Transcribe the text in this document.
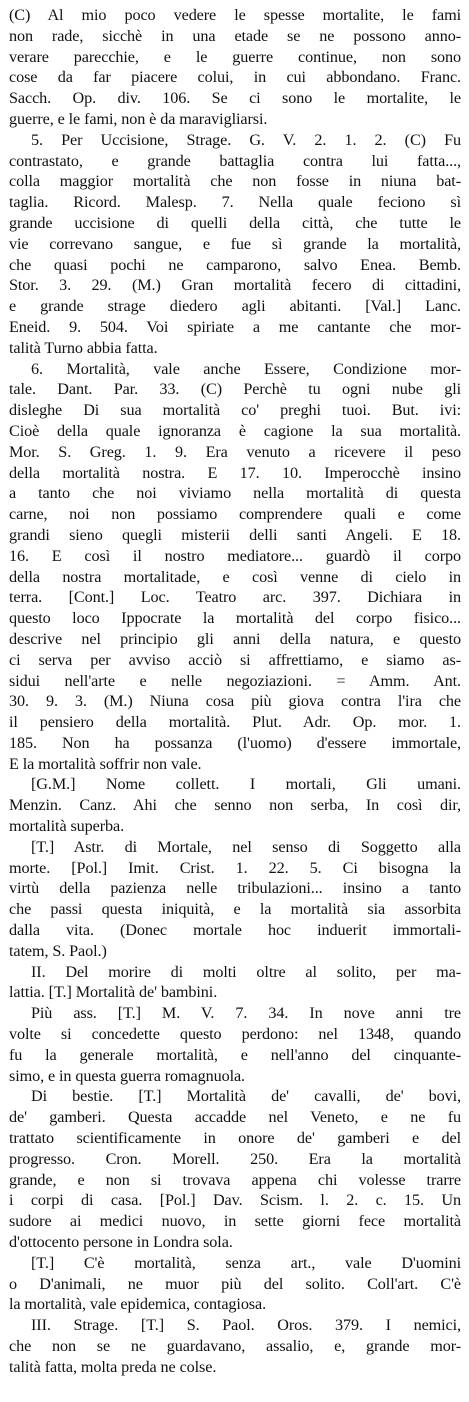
(C) Al mio poco vedere le spesse mortalite, le fami
non rade, sicchè in una etade se ne possono anno-
verare parecchie, e le guerre continue, non sono
cose da far piacere colui, in cui abbondano. Franc.
Sacch. Op. div. 106. Se ci sono le mortalite, le
guerre, e le fami, non è da maravigliarsi.
5. Per Uccisione, Strage. G. V. 2. 1. 2. (C) Fu
contrastato, e grande battaglia contra lui fatta...,
colla maggior mortalità che non fosse in niuna bat-
taglia. Ricord. Malesp. 7. Nella quale feciono sì
grande uccisione di quelli della città, che tutte le
vie correvano sangue, e fue sì grande la mortalità,
che quasi pochi ne camparono, salvo Enea. Bemb.
Stor. 3. 29. (M.) Gran mortalità fecero di cittadini,
e grande strage diedero agli abitanti. [Val.] Lanc.
Eneid. 9. 504. Voi spiriate a me cantante che mor-
talità Turno abbia fatta.
6. Mortalità, vale anche Essere, Condizione mor-
tale. Dant. Par. 33. (C) Perchè tu ogni nube gli
disleghe Di sua mortalità co' preghi tuoi. But. ivi:
Cioè della quale ignoranza è cagione la sua mortalità.
Mor. S. Greg. 1. 9. Era venuto a ricevere il peso
della mortalità nostra. E 17. 10. Imperocchè insino
a tanto che noi viviamo nella mortalità di questa
carne, noi non possiamo comprendere quali e come
grandi sieno quegli misterii delli santi Angeli. E 18.
16. E così il nostro mediatore... guardò il corpo
della nostra mortalitade, e così venne di cielo in
terra. [Cont.] Loc. Teatro arc. 397. Dichiara in
questo loco Ippocrate la mortalità del corpo fisico...
descrive nel principio gli anni della natura, e questo
ci serva per avviso acciò si affrettiamo, e siamo as-
sidui nell'arte e nelle negoziazioni. = Amm. Ant.
30. 9. 3. (M.) Niuna cosa più giova contra l'ira che
il pensiero della mortalità. Plut. Adr. Op. mor. 1.
185. Non ha possanza (l'uomo) d'essere immortale,
E la mortalità soffrir non vale.
[G.M.] Nome collett. I mortali, Gli umani.
Menzin. Canz. Ahi che senno non serba, In così dir,
mortalità superba.
[T.] Astr. di Mortale, nel senso di Soggetto alla
morte. [Pol.] Imit. Crist. 1. 22. 5. Ci bisogna la
virtù della pazienza nelle tribulazioni... insino a tanto
che passi questa iniquità, e la mortalità sia assorbita
dalla vita. (Donec mortale hoc induerit immortali-
tatem, S. Paol.)
II. Del morire di molti oltre al solito, per ma-
lattia. [T.] Mortalità de' bambini.
Più ass. [T.] M. V. 7. 34. In nove anni tre
volte si concedette questo perdono: nel 1348, quando
fu la generale mortalità, e nell'anno del cinquante-
simo, e in questa guerra romagnuola.
Di bestie. [T.] Mortalità de' cavalli, de' bovi,
de' gamberi. Questa accadde nel Veneto, e ne fu
trattato scientificamente in onore de' gamberi e del
progresso. Cron. Morell. 250. Era la mortalità
grande, e non si trovava appena chi volesse trarre
i corpi di casa. [Pol.] Dav. Scism. l. 2. c. 15. Un
sudore ai medici nuovo, in sette giorni fece mortalità
d'ottocento persone in Londra sola.
[T.] C'è mortalità, senza art., vale D'uomini
o D'animali, ne muor più del solito. Coll'art. C'è
la mortalità, vale epidemica, contagiosa.
III. Strage. [T.] S. Paol. Oros. 379. I nemici,
che non se ne guardavano, assalio, e, grande mor-
talità fatta, molta preda ne colse.
